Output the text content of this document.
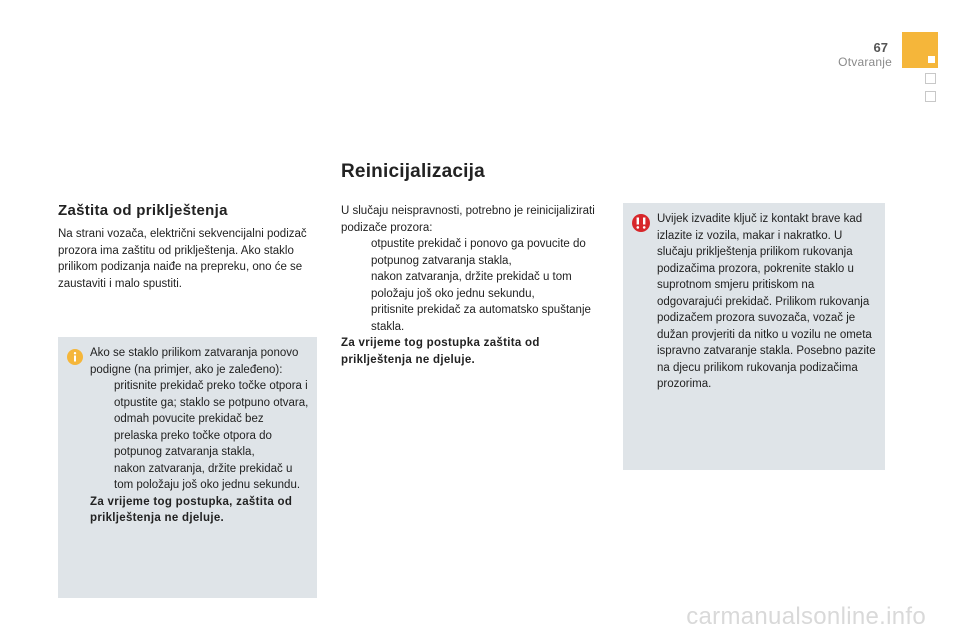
67
Otvaranje
Zaštita od priklještenja

Na strani vozača, električni sekvencijalni podizač prozora ima zaštitu od priklještenja. Ako staklo prilikom podizanja naiđe na prepreku, ono će se zaustaviti i malo spustiti.

Ako se staklo prilikom zatvaranja ponovo podigne (na primjer, ako je zaleđeno):

pritisnite prekidač preko točke otpora i otpustite ga; staklo se potpuno otvara,
odmah povucite prekidač bez prelaska preko točke otpora do potpunog zatvaranja stakla,
nakon zatvaranja, držite prekidač u tom položaju još oko jednu sekundu.

Za vrijeme tog postupka, zaštita od priklještenja ne djeluje.

Reinicijalizacija

U slučaju neispravnosti, potrebno je reinicijalizirati podizače prozora:

otpustite prekidač i ponovo ga povucite do potpunog zatvaranja stakla,
nakon zatvaranja, držite prekidač u tom položaju još oko jednu sekundu,
pritisnite prekidač za automatsko spuštanje stakla.

Za vrijeme tog postupka zaštita od priklještenja ne djeluje.

Uvijek izvadite ključ iz kontakt brave kad izlazite iz vozila, makar i nakratko. U slučaju priklještenja prilikom rukovanja podizačima prozora, pokrenite staklo u suprotnom smjeru pritiskom na odgovarajući prekidač. Prilikom rukovanja podizačem prozora suvozača, vozač je dužan provjeriti da nitko u vozilu ne ometa ispravno zatvaranje stakla. Posebno pazite na djecu prilikom rukovanja podizačima prozorima.

carmanualsonline.info
